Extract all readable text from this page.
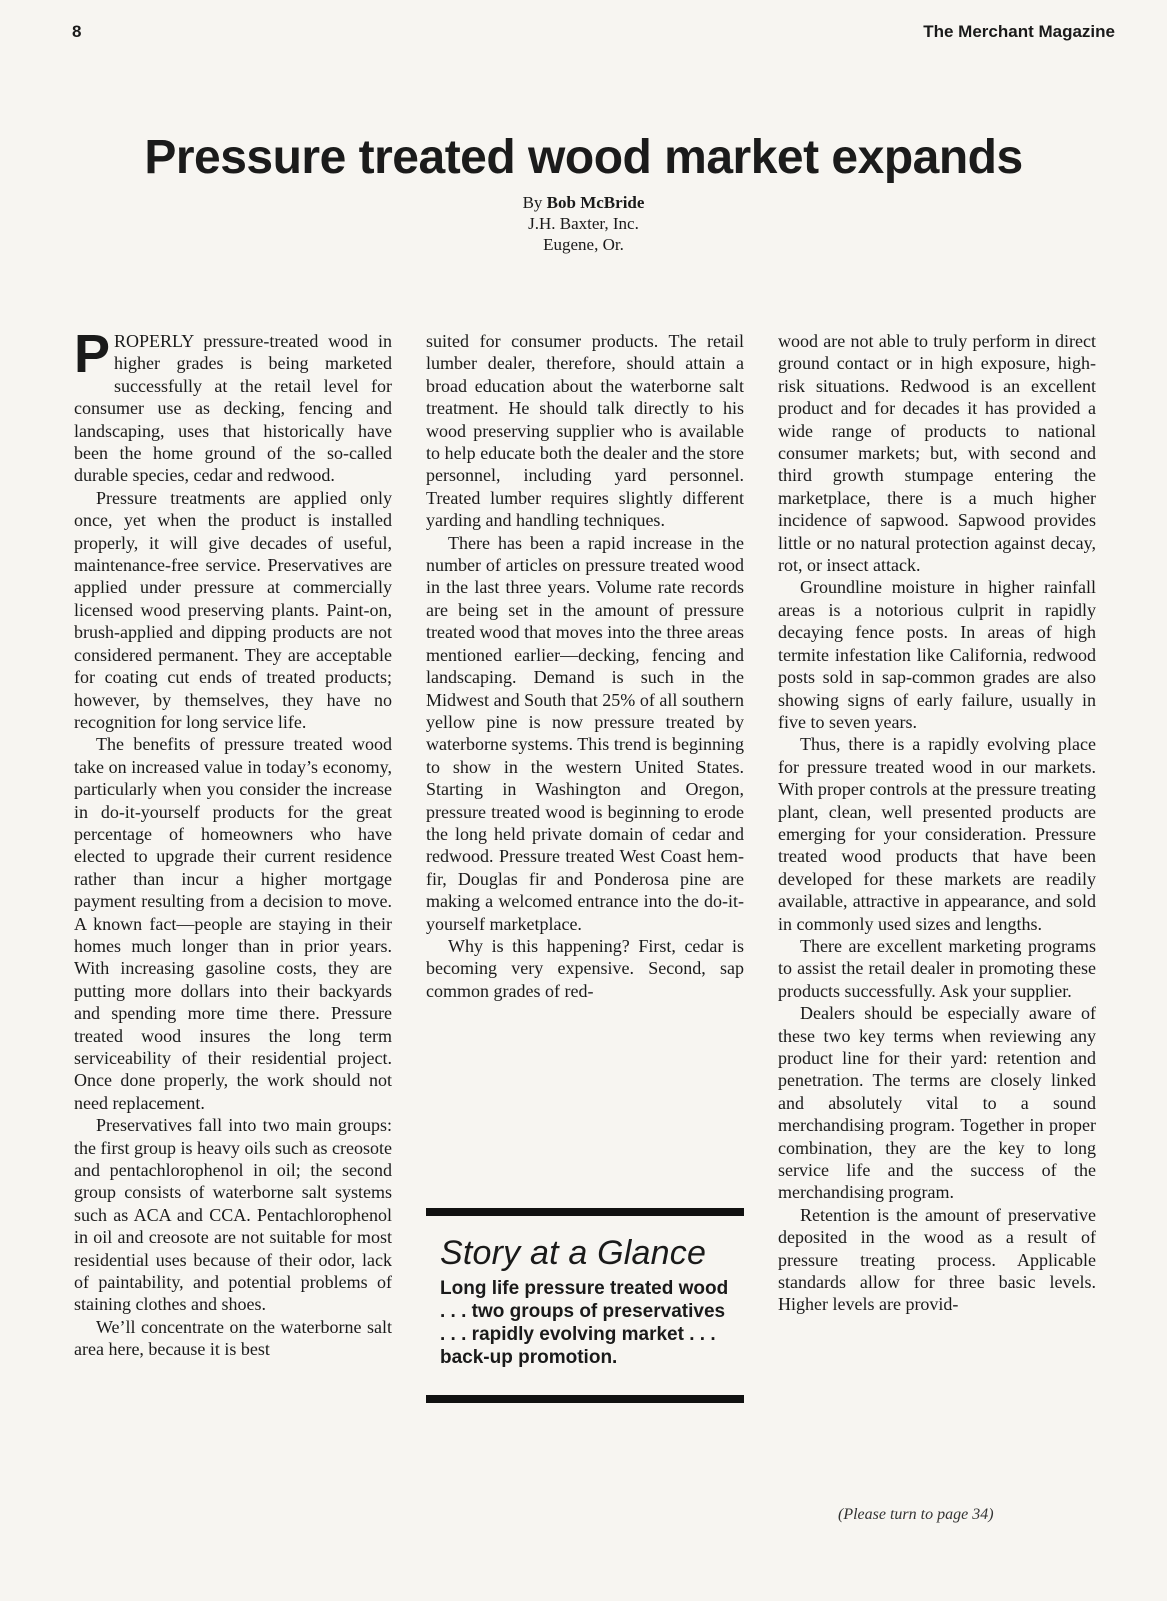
8	The Merchant Magazine
Pressure treated wood market expands
By Bob McBride
J.H. Baxter, Inc.
Eugene, Or.

PROPERLY pressure-treated wood in higher grades is being marketed successfully at the retail level for consumer use as decking, fencing and landscaping, uses that historically have been the home ground of the so-called durable species, cedar and redwood.

Pressure treatments are applied only once, yet when the product is installed properly, it will give decades of useful, maintenance-free service. Preservatives are applied under pressure at commercially licensed wood preserving plants. Paint-on, brush-applied and dipping products are not considered permanent. They are acceptable for coating cut ends of treated products; however, by themselves, they have no recognition for long service life.

The benefits of pressure treated wood take on increased value in today’s economy, particularly when you consider the increase in do-it-yourself products for the great percentage of homeowners who have elected to upgrade their current residence rather than incur a higher mortgage payment resulting from a decision to move. A known fact—people are staying in their homes much longer than in prior years. With increasing gasoline costs, they are putting more dollars into their backyards and spending more time there. Pressure treated wood insures the long term serviceability of their residential project. Once done properly, the work should not need replacement.

Preservatives fall into two main groups: the first group is heavy oils such as creosote and pentachlorophenol in oil; the second group consists of waterborne salt systems such as ACA and CCA. Pentachlorophenol in oil and creosote are not suitable for most residential uses because of their odor, lack of paintability, and potential problems of staining clothes and shoes.

We’ll concentrate on the waterborne salt area here, because it is best

suited for consumer products. The retail lumber dealer, therefore, should attain a broad education about the waterborne salt treatment. He should talk directly to his wood preserving supplier who is available to help educate both the dealer and the store personnel, including yard personnel. Treated lumber requires slightly different yarding and handling techniques.

There has been a rapid increase in the number of articles on pressure treated wood in the last three years. Volume rate records are being set in the amount of pressure treated wood that moves into the three areas mentioned earlier—decking, fencing and landscaping. Demand is such in the Midwest and South that 25% of all southern yellow pine is now pressure treated by waterborne systems. This trend is beginning to show in the western United States. Starting in Washington and Oregon, pressure treated wood is beginning to erode the long held private domain of cedar and redwood. Pressure treated West Coast hem-fir, Douglas fir and Ponderosa pine are making a welcomed entrance into the do-it-yourself marketplace.

Why is this happening? First, cedar is becoming very expensive. Second, sap common grades of red-

Story at a Glance
Long life pressure treated wood . . . two groups of preservatives . . . rapidly evolving market . . . back-up promotion.

wood are not able to truly perform in direct ground contact or in high exposure, high-risk situations. Redwood is an excellent product and for decades it has provided a wide range of products to national consumer markets; but, with second and third growth stumpage entering the marketplace, there is a much higher incidence of sapwood. Sapwood provides little or no natural protection against decay, rot, or insect attack.

Groundline moisture in higher rainfall areas is a notorious culprit in rapidly decaying fence posts. In areas of high termite infestation like California, redwood posts sold in sap-common grades are also showing signs of early failure, usually in five to seven years.

Thus, there is a rapidly evolving place for pressure treated wood in our markets. With proper controls at the pressure treating plant, clean, well presented products are emerging for your consideration. Pressure treated wood products that have been developed for these markets are readily available, attractive in appearance, and sold in commonly used sizes and lengths.

There are excellent marketing programs to assist the retail dealer in promoting these products successfully. Ask your supplier.

Dealers should be especially aware of these two key terms when reviewing any product line for their yard: retention and penetration. The terms are closely linked and absolutely vital to a sound merchandising program. Together in proper combination, they are the key to long service life and the success of the merchandising program.

Retention is the amount of preservative deposited in the wood as a result of pressure treating process. Applicable standards allow for three basic levels. Higher levels are provid-

(Please turn to page 34)
